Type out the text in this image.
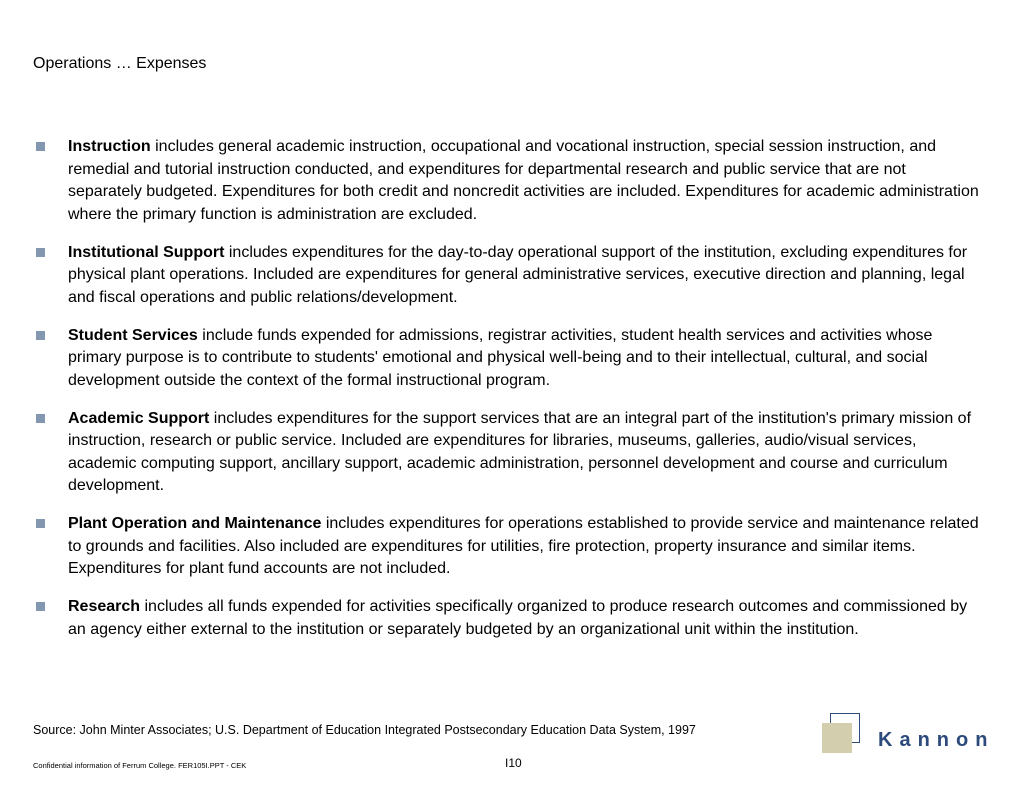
Operations … Expenses
Instruction includes general academic instruction, occupational and vocational instruction, special session instruction, and remedial and tutorial instruction conducted, and expenditures for departmental research and public service that are not separately budgeted. Expenditures for both credit and noncredit activities are included. Expenditures for academic administration where the primary function is administration are excluded.
Institutional Support includes expenditures for the day-to-day operational support of the institution, excluding expenditures for physical plant operations. Included are expenditures for general administrative services, executive direction and planning, legal and fiscal operations and public relations/development.
Student Services include funds expended for admissions, registrar activities, student health services and activities whose primary purpose is to contribute to students' emotional and physical well-being and to their intellectual, cultural, and social development outside the context of the formal instructional program.
Academic Support includes expenditures for the support services that are an integral part of the institution's primary mission of instruction, research or public service. Included are expenditures for libraries, museums, galleries, audio/visual services, academic computing support, ancillary support, academic administration, personnel development and course and curriculum development.
Plant Operation and Maintenance includes expenditures for operations established to provide service and maintenance related to grounds and facilities. Also included are expenditures for utilities, fire protection, property insurance and similar items. Expenditures for plant fund accounts are not included.
Research includes all funds expended for activities specifically organized to produce research outcomes and commissioned by an agency either external to the institution or separately budgeted by an organizational unit within the institution.
Source: John Minter Associates; U.S. Department of Education Integrated Postsecondary Education Data System, 1997
Confidential information of Ferrum College. FER105I.PPT - CEK	I10
Kannon
